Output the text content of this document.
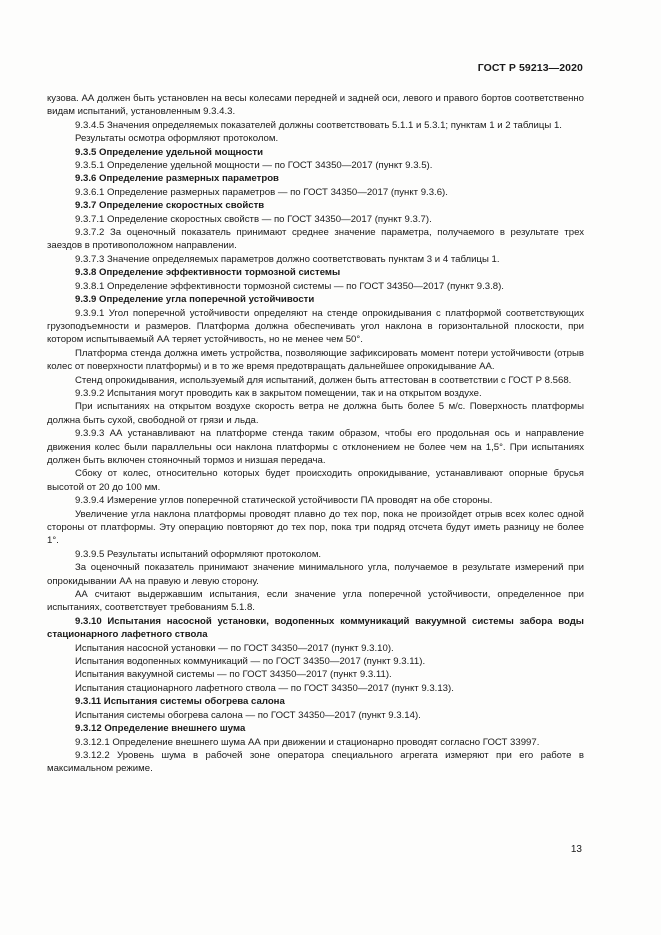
ГОСТ Р 59213—2020

кузова. АА должен быть установлен на весы колесами передней и задней оси, левого и правого бортов соответственно видам испытаний, установленным 9.3.4.3.

9.3.4.5 Значения определяемых показателей должны соответствовать 5.1.1 и 5.3.1; пунктам 1 и 2 таблицы 1.

Результаты осмотра оформляют протоколом.

9.3.5 Определение удельной мощности

9.3.5.1 Определение удельной мощности — по ГОСТ 34350—2017 (пункт 9.3.5).

9.3.6 Определение размерных параметров

9.3.6.1 Определение размерных параметров — по ГОСТ 34350—2017 (пункт 9.3.6).

9.3.7 Определение скоростных свойств

9.3.7.1 Определение скоростных свойств — по ГОСТ 34350—2017 (пункт 9.3.7).

9.3.7.2 За оценочный показатель принимают среднее значение параметра, получаемого в результате трех заездов в противоположном направлении.

9.3.7.3 Значение определяемых параметров должно соответствовать пунктам 3 и 4 таблицы 1.

9.3.8 Определение эффективности тормозной системы

9.3.8.1 Определение эффективности тормозной системы — по ГОСТ 34350—2017 (пункт 9.3.8).

9.3.9 Определение угла поперечной устойчивости

9.3.9.1 Угол поперечной устойчивости определяют на стенде опрокидывания с платформой соответствующих грузоподъемности и размеров. Платформа должна обеспечивать угол наклона в горизонтальной плоскости, при котором испытываемый АА теряет устойчивость, но не менее чем 50°.

Платформа стенда должна иметь устройства, позволяющие зафиксировать момент потери устойчивости (отрыв колес от поверхности платформы) и в то же время предотвращать дальнейшее опрокидывание АА.

Стенд опрокидывания, используемый для испытаний, должен быть аттестован в соответствии с ГОСТ Р 8.568.

9.3.9.2 Испытания могут проводить как в закрытом помещении, так и на открытом воздухе.

При испытаниях на открытом воздухе скорость ветра не должна быть более 5 м/с. Поверхность платформы должна быть сухой, свободной от грязи и льда.

9.3.9.3 АА устанавливают на платформе стенда таким образом, чтобы его продольная ось и направление движения колес были параллельны оси наклона платформы с отклонением не более чем на 1,5°. При испытаниях должен быть включен стояночный тормоз и низшая передача.

Сбоку от колес, относительно которых будет происходить опрокидывание, устанавливают опорные брусья высотой от 20 до 100 мм.

9.3.9.4 Измерение углов поперечной статической устойчивости ПА проводят на обе стороны.

Увеличение угла наклона платформы проводят плавно до тех пор, пока не произойдет отрыв всех колес одной стороны от платформы. Эту операцию повторяют до тех пор, пока три подряд отсчета будут иметь разницу не более 1°.

9.3.9.5 Результаты испытаний оформляют протоколом.

За оценочный показатель принимают значение минимального угла, получаемое в результате измерений при опрокидывании АА на правую и левую сторону.

АА считают выдержавшим испытания, если значение угла поперечной устойчивости, определенное при испытаниях, соответствует требованиям 5.1.8.

9.3.10 Испытания насосной установки, водопенных коммуникаций вакуумной системы забора воды стационарного лафетного ствола

Испытания насосной установки — по ГОСТ 34350—2017 (пункт 9.3.10).

Испытания водопенных коммуникаций — по ГОСТ 34350—2017 (пункт 9.3.11).

Испытания вакуумной системы — по ГОСТ 34350—2017 (пункт 9.3.11).

Испытания стационарного лафетного ствола — по ГОСТ 34350—2017 (пункт 9.3.13).

9.3.11 Испытания системы обогрева салона

Испытания системы обогрева салона — по ГОСТ 34350—2017 (пункт 9.3.14).

9.3.12 Определение внешнего шума

9.3.12.1 Определение внешнего шума АА при движении и стационарно проводят согласно ГОСТ 33997.

9.3.12.2 Уровень шума в рабочей зоне оператора специального агрегата измеряют при его работе в максимальном режиме.

13
